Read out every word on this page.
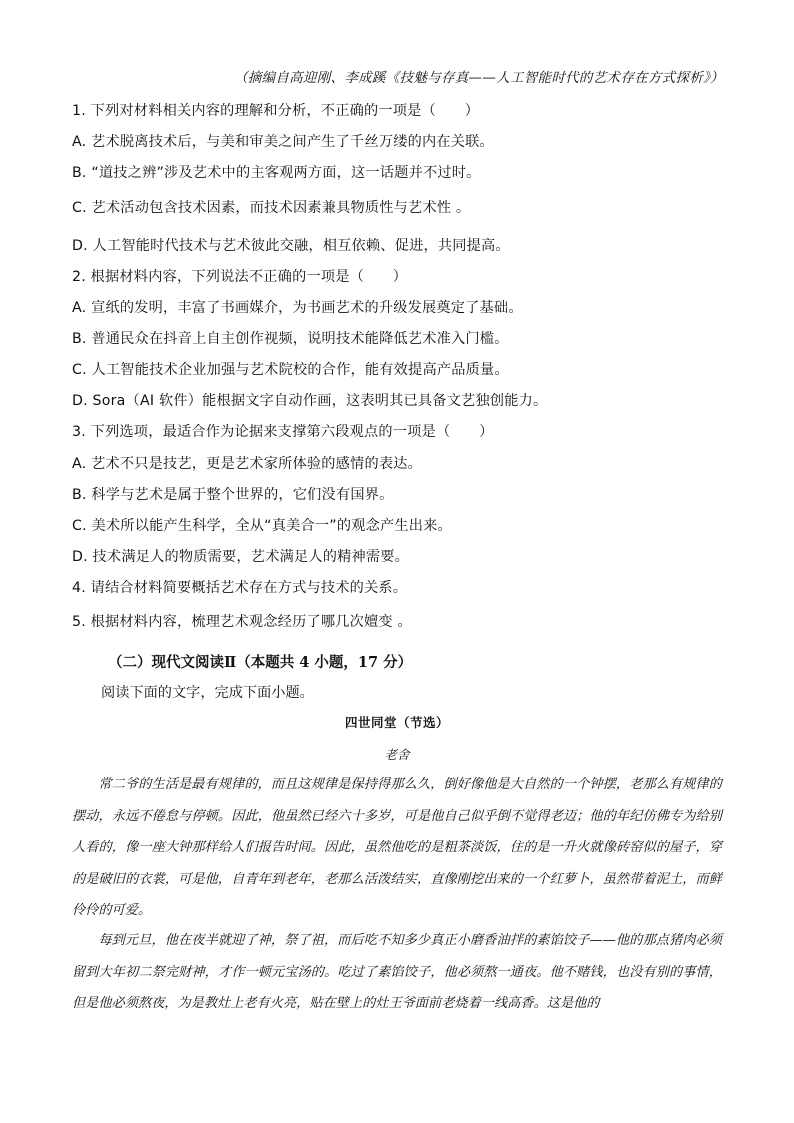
（摘编自高迎刚、李成蹊《技魅与存真——人工智能时代的艺术存在方式探析》）
1. 下列对材料相关内容的理解和分析，不正确的一项是（　　）
A. 艺术脱离技术后，与美和审美之间产生了千丝万缕的内在关联。
B. “道技之辨”涉及艺术中的主客观两方面，这一话题并不过时。
C. 艺术活动包含技术因素，而技术因素兼具物质性与艺术性 。
D. 人工智能时代技术与艺术彼此交融，相互依赖、促进，共同提高。
2. 根据材料内容，下列说法不正确的一项是（　　）
A. 宣纸的发明，丰富了书画媒介，为书画艺术的升级发展奠定了基础。
B. 普通民众在抖音上自主创作视频，说明技术能降低艺术准入门槛。
C. 人工智能技术企业加强与艺术院校的合作，能有效提高产品质量。
D. Sora（AI 软件）能根据文字自动作画，这表明其已具备文艺独创能力。
3. 下列选项，最适合作为论据来支撑第六段观点的一项是（　　）
A. 艺术不只是技艺，更是艺术家所体验的感情的表达。
B. 科学与艺术是属于整个世界的，它们没有国界。
C. 美术所以能产生科学，全从“真美合一”的观念产生出来。
D. 技术满足人的物质需要，艺术满足人的精神需要。
4. 请结合材料简要概括艺术存在方式与技术的关系。
5. 根据材料内容，梳理艺术观念经历了哪几次嬗变 。
（二）现代文阅读Ⅱ（本题共 4 小题，17 分）
阅读下面的文字，完成下面小题。
四世同堂（节选）
老舍

常二爷的生活是最有规律的，而且这规律是保持得那么久，倒好像他是大自然的一个钟摆，老那么有规律的摆动，永远不倦怠与停顿。因此，他虽然已经六十多岁，可是他自己似乎倒不觉得老迈；他的年纪仿佛专为给别人看的，像一座大钟那样给人们报告时间。因此，虽然他吃的是粗茶淡饭，住的是一升火就像砖窑似的屋子，穿的是破旧的衣裳，可是他，自青年到老年，老那么活泼结实，直像刚挖出来的一个红萝卜，虽然带着泥土，而鲜伶伶的可爱。

每到元旦，他在夜半就迎了神，祭了祖，而后吃不知多少真正小磨香油拌的素馅饺子——他的那点猪肉必须留到大年初二祭完财神，才作一顿元宝汤的。吃过了素馅饺子，他必须熬一通夜。他不赌钱，也没有别的事情，但是他必须熬夜，为是教灶上老有火亮，贴在壁上的灶王爷面前老烧着一线高香。这是他的
